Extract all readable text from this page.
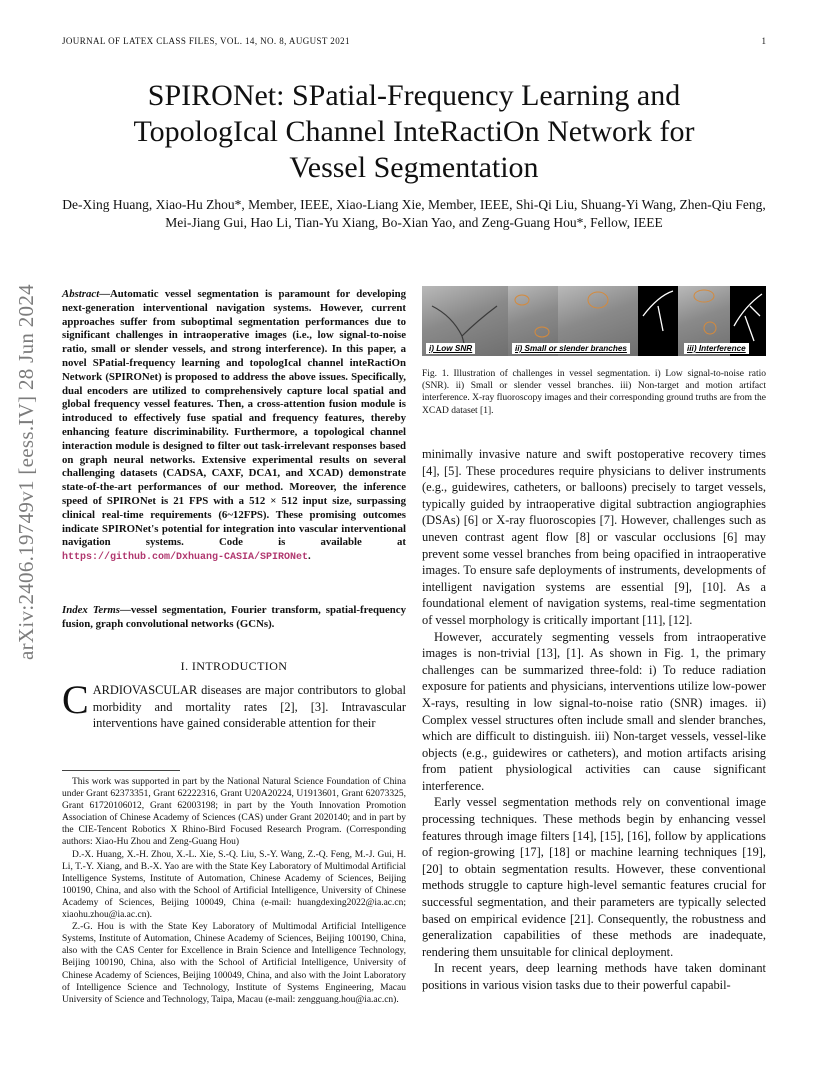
JOURNAL OF LATEX CLASS FILES, VOL. 14, NO. 8, AUGUST 2021	1
arXiv:2406.19749v1 [eess.IV] 28 Jun 2024
SPIRONet: SPatial-Frequency Learning and
TopologIcal Channel InteRactiOn Network for
Vessel Segmentation
De-Xing Huang, Xiao-Hu Zhou*, Member, IEEE, Xiao-Liang Xie, Member, IEEE, Shi-Qi Liu, Shuang-Yi Wang, Zhen-Qiu Feng, Mei-Jiang Gui, Hao Li, Tian-Yu Xiang, Bo-Xian Yao, and Zeng-Guang Hou*, Fellow, IEEE
Abstract—Automatic vessel segmentation is paramount for developing next-generation interventional navigation systems. However, current approaches suffer from suboptimal segmentation performances due to significant challenges in intraoperative images (i.e., low signal-to-noise ratio, small or slender vessels, and strong interference). In this paper, a novel SPatial-frequency learning and topologIcal channel inteRactiOn Network (SPIRONet) is proposed to address the above issues. Specifically, dual encoders are utilized to comprehensively capture local spatial and global frequency vessel features. Then, a cross-attention fusion module is introduced to effectively fuse spatial and frequency features, thereby enhancing feature discriminability. Furthermore, a topological channel interaction module is designed to filter out task-irrelevant responses based on graph neural networks. Extensive experimental results on several challenging datasets (CADSA, CAXF, DCA1, and XCAD) demonstrate state-of-the-art performances of our method. Moreover, the inference speed of SPIRONet is 21 FPS with a 512 × 512 input size, surpassing clinical real-time requirements (6~12FPS). These promising outcomes indicate SPIRONet's potential for integration into vascular interventional navigation systems. Code is available at https://github.com/Dxhuang-CASIA/SPIRONet.
Index Terms—vessel segmentation, Fourier transform, spatial-frequency fusion, graph convolutional networks (GCNs).
I. INTRODUCTION
CARDIOVASCULAR diseases are major contributors to global morbidity and mortality rates [2], [3]. Intravascular interventions have gained considerable attention for their

This work was supported in part by the National Natural Science Foundation of China under Grant 62373351, Grant 62222316, Grant U20A20224, U1913601, Grant 62073325, Grant 61720106012, Grant 62003198; in part by the Youth Innovation Promotion Association of Chinese Academy of Sciences (CAS) under Grant 2020140; and in part by the CIE-Tencent Robotics X Rhino-Bird Focused Research Program. (Corresponding authors: Xiao-Hu Zhou and Zeng-Guang Hou)

D.-X. Huang, X.-H. Zhou, X.-L. Xie, S.-Q. Liu, S.-Y. Wang, Z.-Q. Feng, M.-J. Gui, H. Li, T.-Y. Xiang, and B.-X. Yao are with the State Key Laboratory of Multimodal Artificial Intelligence Systems, Institute of Automation, Chinese Academy of Sciences, Beijing 100190, China, and also with the School of Artificial Intelligence, University of Chinese Academy of Sciences, Beijing 100049, China (e-mail: huangdexing2022@ia.ac.cn; xiaohu.zhou@ia.ac.cn).

Z.-G. Hou is with the State Key Laboratory of Multimodal Artificial Intelligence Systems, Institute of Automation, Chinese Academy of Sciences, Beijing 100190, China, also with the CAS Center for Excellence in Brain Science and Intelligence Technology, Beijing 100190, China, also with the School of Artificial Intelligence, University of Chinese Academy of Sciences, Beijing 100049, China, and also with the Joint Laboratory of Intelligence Science and Technology, Institute of Systems Engineering, Macau University of Science and Technology, Taipa, Macau (e-mail: zengguang.hou@ia.ac.cn).

i) Low SNR	ii) Small or slender branches	iii) Interference
Fig. 1. Illustration of challenges in vessel segmentation. i) Low signal-to-noise ratio (SNR). ii) Small or slender vessel branches. iii) Non-target and motion artifact interference. X-ray fluoroscopy images and their corresponding ground truths are from the XCAD dataset [1].

minimally invasive nature and swift postoperative recovery times [4], [5]. These procedures require physicians to deliver instruments (e.g., guidewires, catheters, or balloons) precisely to target vessels, typically guided by intraoperative digital subtraction angiographies (DSAs) [6] or X-ray fluoroscopies [7]. However, challenges such as uneven contrast agent flow [8] or vascular occlusions [6] may prevent some vessel branches from being opacified in intraoperative images. To ensure safe deployments of instruments, developments of intelligent navigation systems are essential [9], [10]. As a foundational element of navigation systems, real-time segmentation of vessel morphology is critically important [11], [12].

However, accurately segmenting vessels from intraoperative images is non-trivial [13], [1]. As shown in Fig. 1, the primary challenges can be summarized three-fold: i) To reduce radiation exposure for patients and physicians, interventions utilize low-power X-rays, resulting in low signal-to-noise ratio (SNR) images. ii) Complex vessel structures often include small and slender branches, which are difficult to distinguish. iii) Non-target vessels, vessel-like objects (e.g., guidewires or catheters), and motion artifacts arising from patient physiological activities can cause significant interference.

Early vessel segmentation methods rely on conventional image processing techniques. These methods begin by enhancing vessel features through image filters [14], [15], [16], follow by applications of region-growing [17], [18] or machine learning techniques [19], [20] to obtain segmentation results. However, these conventional methods struggle to capture high-level semantic features crucial for successful segmentation, and their parameters are typically selected based on empirical evidence [21]. Consequently, the robustness and generalization capabilities of these methods are inadequate, rendering them unsuitable for clinical deployment.

In recent years, deep learning methods have taken dominant positions in various vision tasks due to their powerful capabil-
